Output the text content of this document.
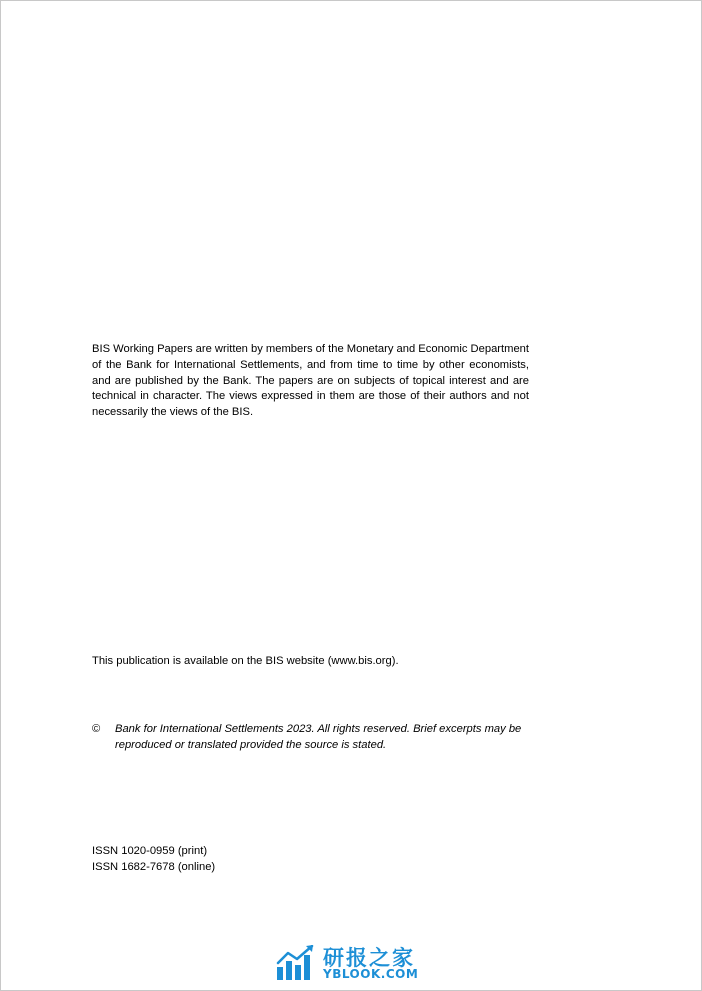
BIS Working Papers are written by members of the Monetary and Economic Department of the Bank for International Settlements, and from time to time by other economists, and are published by the Bank. The papers are on subjects of topical interest and are technical in character. The views expressed in them are those of their authors and not necessarily the views of the BIS.

This publication is available on the BIS website (www.bis.org).
© Bank for International Settlements 2023. All rights reserved. Brief excerpts may be reproduced or translated provided the source is stated.
ISSN 1020-0959 (print)
ISSN 1682-7678 (online)
研报之家
YBLOOK.COM
